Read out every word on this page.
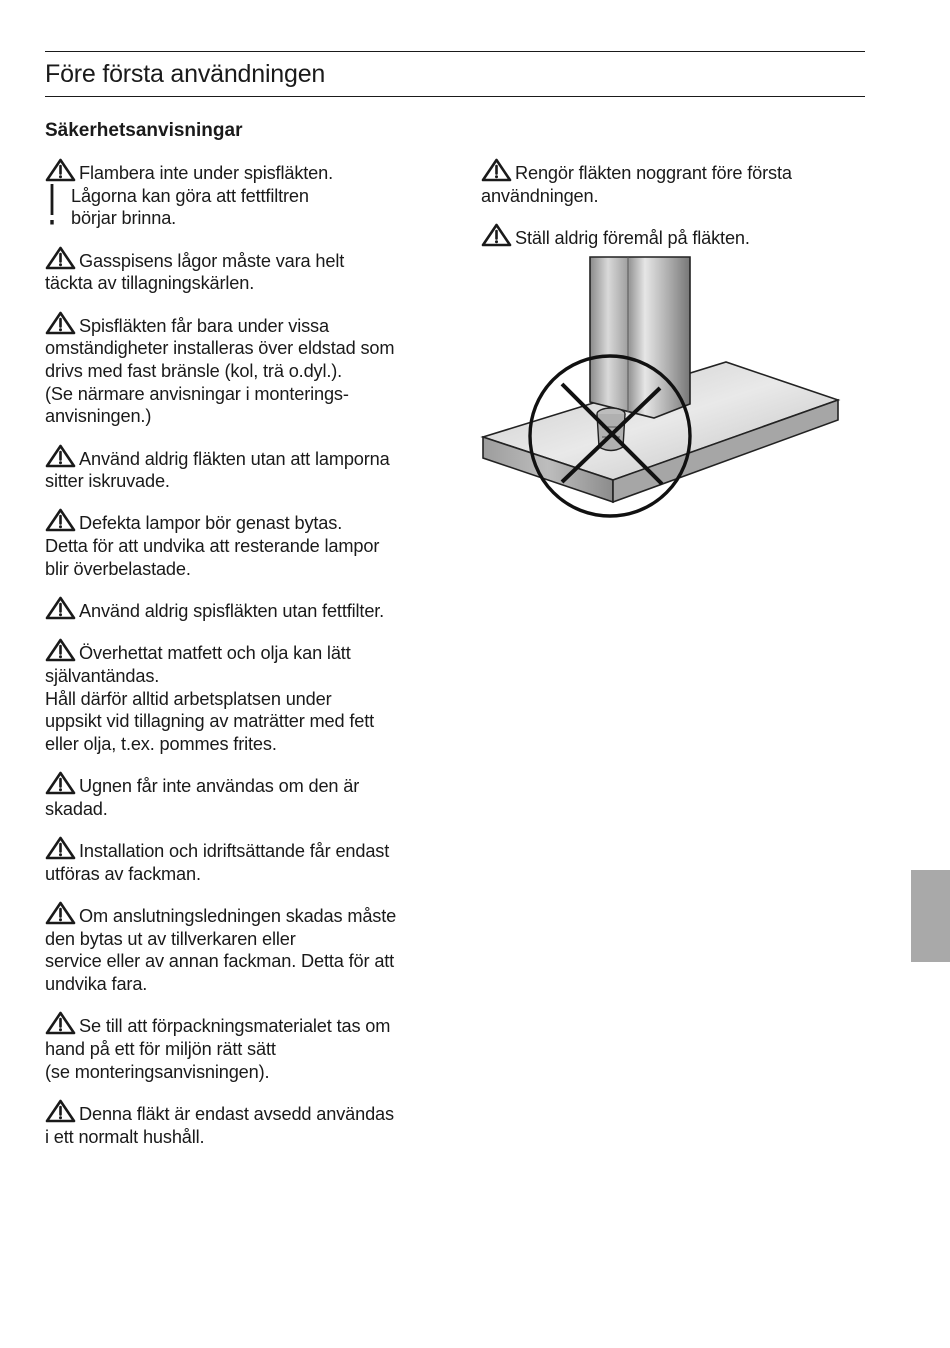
Före första användningen
Säkerhetsanvisningar
Flambera inte under spisfläkten.
Lågorna kan göra att fettfiltren
börjar brinna.

Gasspisens lågor måste vara helt
täckta av tillagningskärlen.

Spisfläkten får bara under vissa
omständigheter installeras över eldstad som
drivs med fast bränsle (kol, trä o.dyl.).
(Se närmare anvisningar i monterings-
anvisningen.)

Använd aldrig fläkten utan att lamporna
sitter iskruvade.

Defekta lampor bör genast bytas.
Detta för att undvika att resterande lampor
blir överbelastade.

Använd aldrig spisfläkten utan fettfilter.

Överhettat matfett och olja kan lätt
självantändas.
Håll därför alltid arbetsplatsen under
uppsikt vid tillagning av maträtter med fett
eller olja, t.ex. pommes frites.

Ugnen får inte användas om den är
skadad.

Installation och idriftsättande får endast
utföras av fackman.

Om anslutningsledningen skadas måste
den bytas ut av tillverkaren eller
service eller av annan fackman. Detta för att
undvika fara.

Se till att förpackningsmaterialet tas om
hand på ett för miljön rätt sätt
(se monteringsanvisningen).

Denna fläkt är endast avsedd användas
i ett normalt hushåll.

Rengör fläkten noggrant före första
användningen.

Ställ aldrig föremål på fläkten.
